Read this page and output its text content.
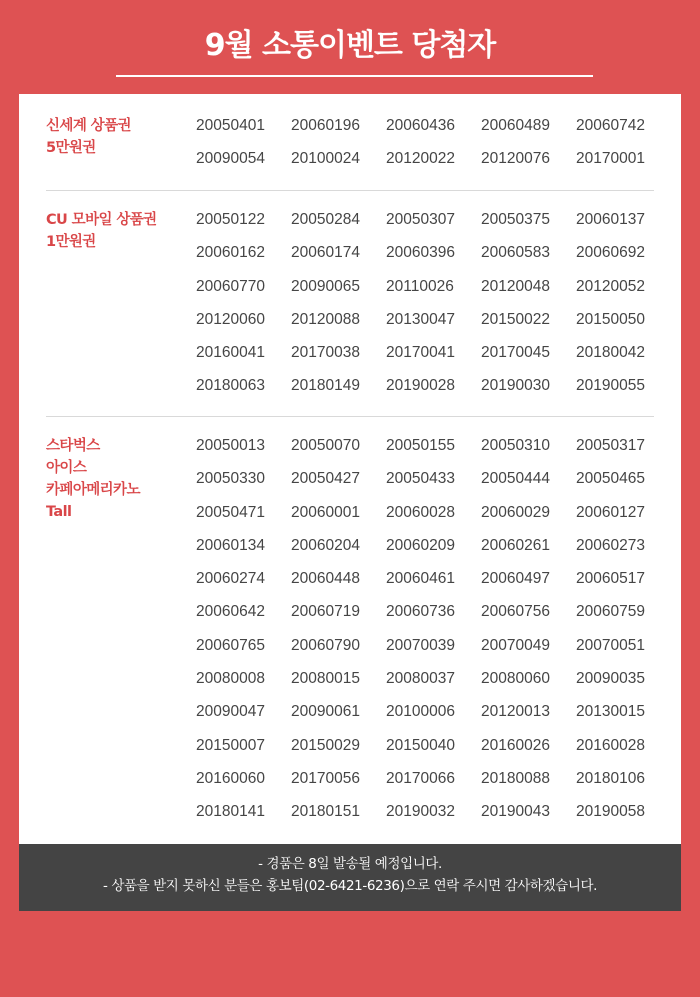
9월 소통이벤트 당첨자
신세계 상품권
5만원권
20050401	20060196	20060436	20060489	20060742
20090054	20100024	20120022	20120076	20170001
CU 모바일 상품권
1만원권
20050122	20050284	20050307	20050375	20060137
20060162	20060174	20060396	20060583	20060692
20060770	20090065	20110026	20120048	20120052
20120060	20120088	20130047	20150022	20150050
20160041	20170038	20170041	20170045	20180042
20180063	20180149	20190028	20190030	20190055
스타벅스
아이스
카페아메리카노
Tall
20050013	20050070	20050155	20050310	20050317
20050330	20050427	20050433	20050444	20050465
20050471	20060001	20060028	20060029	20060127
20060134	20060204	20060209	20060261	20060273
20060274	20060448	20060461	20060497	20060517
20060642	20060719	20060736	20060756	20060759
20060765	20060790	20070039	20070049	20070051
20080008	20080015	20080037	20080060	20090035
20090047	20090061	20100006	20120013	20130015
20150007	20150029	20150040	20160026	20160028
20160060	20170056	20170066	20180088	20180106
20180141	20180151	20190032	20190043	20190058
- 경품은 8일 발송될 예정입니다.
- 상품을 받지 못하신 분들은 홍보팀(02-6421-6236)으로 연락 주시면 감사하겠습니다.
